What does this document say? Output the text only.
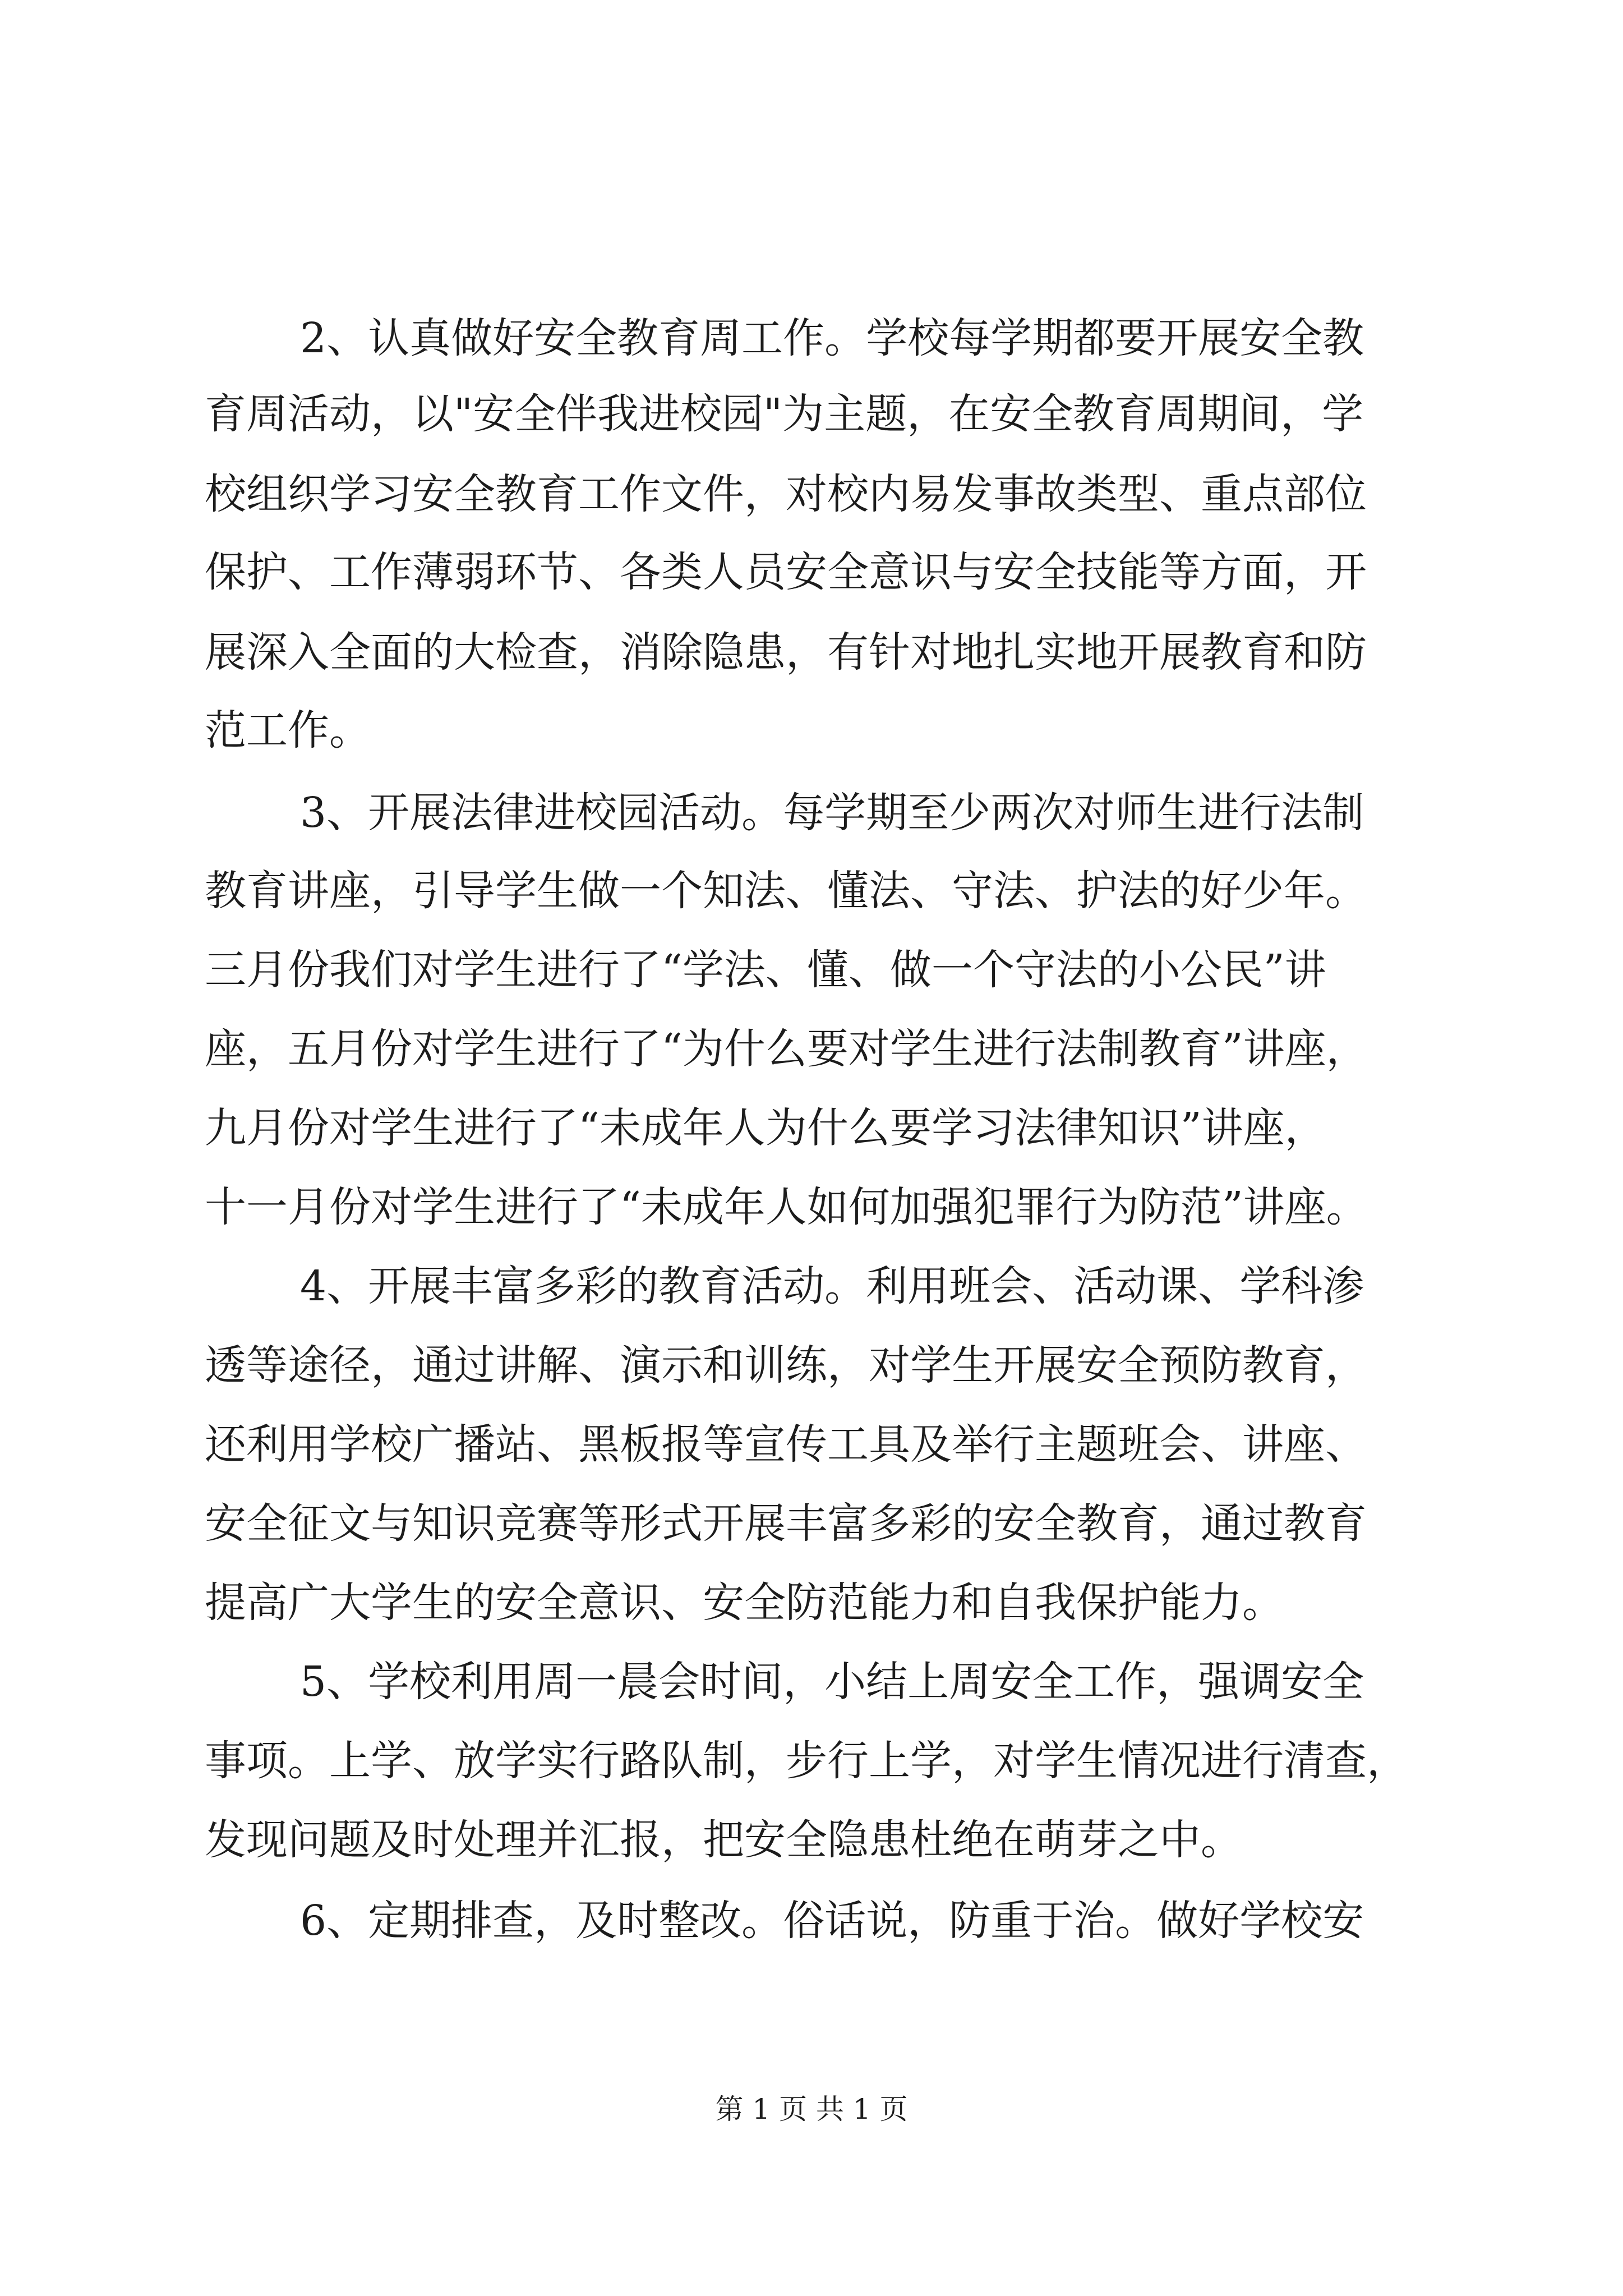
2、认真做好安全教育周工作。学校每学期都要开展安全教
育周活动，以"安全伴我进校园"为主题，在安全教育周期间，学
校组织学习安全教育工作文件，对校内易发事故类型、重点部位
保护、工作薄弱环节、各类人员安全意识与安全技能等方面，开
展深入全面的大检查，消除隐患，有针对地扎实地开展教育和防
范工作。
3、开展法律进校园活动。每学期至少两次对师生进行法制
教育讲座，引导学生做一个知法、懂法、守法、护法的好少年。
三月份我们对学生进行了“学法、懂、做一个守法的小公民”讲
座，五月份对学生进行了“为什么要对学生进行法制教育”讲座，
九月份对学生进行了“未成年人为什么要学习法律知识”讲座，
十一月份对学生进行了“未成年人如何加强犯罪行为防范”讲座。
4、开展丰富多彩的教育活动。利用班会、活动课、学科渗
透等途径，通过讲解、演示和训练，对学生开展安全预防教育，
还利用学校广播站、黑板报等宣传工具及举行主题班会、讲座、
安全征文与知识竞赛等形式开展丰富多彩的安全教育，通过教育
提高广大学生的安全意识、安全防范能力和自我保护能力。
5、学校利用周一晨会时间，小结上周安全工作，强调安全
事项。上学、放学实行路队制，步行上学，对学生情况进行清查，
发现问题及时处理并汇报，把安全隐患杜绝在萌芽之中。
6、定期排查，及时整改。俗话说，防重于治。做好学校安
第 1 页 共 1 页
